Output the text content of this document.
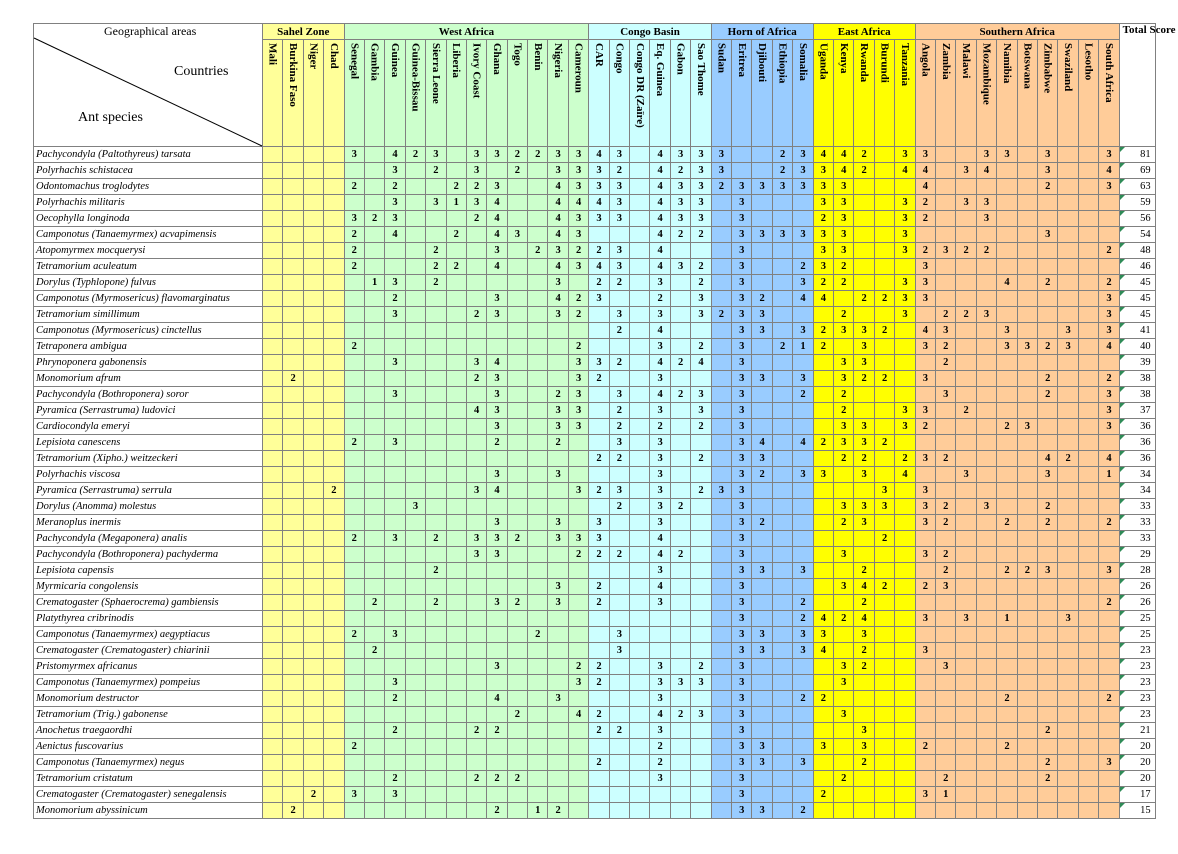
Geographical areas
Countries
Ant species	Sahel Zone				West Africa												Congo Basin						Horn of Africa					East Africa					Southern Africa										Total Score

	Mali	Burkina Faso	Niger	Chad	Senegal	Gambia	Guinea	Guinea-Bissau	Sierra Leone	Liberia	Ivory Coast	Ghana	Togo	Benin	Nigeria	Cameroun	CAR	Congo	Congo DR (Zaïre)	Eq. Guinea	Gabon	Sao Thome	Sudan	Eritrea	Djibouti	Ethiopia	Somalia	Uganda	Kenya	Rwanda	Burundi	Tanzania	Angola	Zambia	Malawi	Mozambique	Namibia	Botswana	Zimbabwe	Swaziland	Lesotho	South Africa	

Pachycondyla (Paltothyreus) tarsata					3		4	2	3		3	3	2	2	3	3	4	3		4	3	3	3			2	3	4	4	2		3	3			3	3		3			3	81
Polyrhachis schistacea							3		2		3		2		3	3	3	2		4	2	3	3			2	3	3	4	2		4	4		3	4			3			4	69
Odontomachus troglodytes					2		2			2	2	3			4	3	3	3		4	3	3	2	3	3	3	3	3	3				4						2			3	63
Polyrhachis militaris							3		3	1	3	4			4	4	4	3		4	3	3		3				3	3			3	2		3	3							59
Oecophylla longinoda					3	2	3				2	4			4	3	3	3		4	3	3		3				2	3			3	2			3							56
Camponotus (Tanaemyrmex) acvapimensis					2		4			2		4	3		4	3				4	2	2		3	3	3	3	3	3			3							3				54
Atopomyrmex mocquerysi					2				2			3		2	3	2	2	3		4				3				3	3			3	2	3	2	2						2	48
Tetramorium aculeatum					2				2	2		4			4	3	4	3		4	3	2		3			2	3	2				3										46
Dorylus (Typhlopone) fulvus						1	3		2						3		2	2		3		2		3			3	2	2			3	3				4		2			2	45
Camponotus (Myrmosericus) flavomarginatus							2					3			4	2	3			2		3		3	2		4	4		2	2	3	3									3	45
Tetramorium simillimum							3				2	3			3	2		3		3		3	2	3	3				2			3		2	2	3						3	45
Camponotus (Myrmosericus) cinctellus																		2		4				3	3		3	2	3	3	2		4	3			3			3		3	41
Tetraponera ambigua					2											2				3		2		3		2	1	2		3			3	2			3	3	2	3		4	40
Phrynoponera gabonensis							3				3	4				3	3	2		4	2	4		3					3	3				2									39
Monomorium afrum		2									2	3				3	2			3				3	3		3		3	2	2		3						2			2	38
Pachycondyla (Bothroponera) soror							3					3			2	3		3		4	2	3		3			2		2					3					2			3	38
Pyramica (Serrastruma) ludovici											4	3			3	3		2		3		3		3					2			3	3		2							3	37
Cardiocondyla emeryi												3			3	3		2		2		2		3					3	3		3	2				2	3				3	36
Lepisiota canescens					2		3					2			2			3		3				3	4		4	2	3	3	2												36
Tetramorium (Xipho.) weitzeckeri																	2	2		3		2		3	3				2	2		2	3	2					4	2		4	36
Polyrhachis viscosa												3			3					3				3	2		3	3		3		4			3				3			1	34
Pyramica (Serrastruma) serrula				2							3	4				3	2	3		3		2	3	3							3		3										34
Dorylus (Anomma) molestus								3										2		3	2			3					3	3	3		3	2		3			2				33
Meranoplus inermis												3			3		3			3				3	2				2	3			3	2			2		2			2	33
Pachycondyla (Megaponera) analis					2		3		2		3	3	2		3	3	3			4				3							2												33
Pachycondyla (Bothroponera) pachyderma											3	3				2	2	2		4	2			3					3				3	2									29
Lepisiota capensis									2											3				3	3		3			2				2			2	2	3			3	28
Myrmicaria congolensis															3		2			4				3					3	4	2		2	3									26
Crematogaster (Sphaerocrema) gambiensis						2			2			3	2		3		2			3				3			2			2												2	26
Platythyrea cribrinodis																								3			2	4	2	4			3		3		1			3			25
Camponotus (Tanaemyrmex) aegyptiacus					2		3							2				3						3	3		3	3		3													25
Crematogaster (Crematogaster) chiarinii						2												3						3	3		3	4		2			3										23
Pristomyrmex africanus												3				2	2			3		2		3					3	2				3									23
Camponotus (Tanaemyrmex) pompeius							3									3	2			3	3	3		3					3														23
Monomorium destructor							2					4			3					3				3			2	2									2					2	23
Tetramorium (Trig.) gabonense													2			4	2			4	2	3		3					3														23
Anochetus traegaordhi							2				2	2					2	2		3				3						3									2				21
Aenictus fuscovarius					2															2				3	3			3		3			2				2						20
Camponotus (Tanaemyrmex) negus																	2			2				3	3		3			2									2			3	20
Tetramorium cristatum							2				2	2	2							3				3					2					2					2				20
Crematogaster (Crematogaster) senegalensis			2		3		3																	3				2					3	1									17
Monomorium abyssinicum		2										2		1	2									3	3		2																15
